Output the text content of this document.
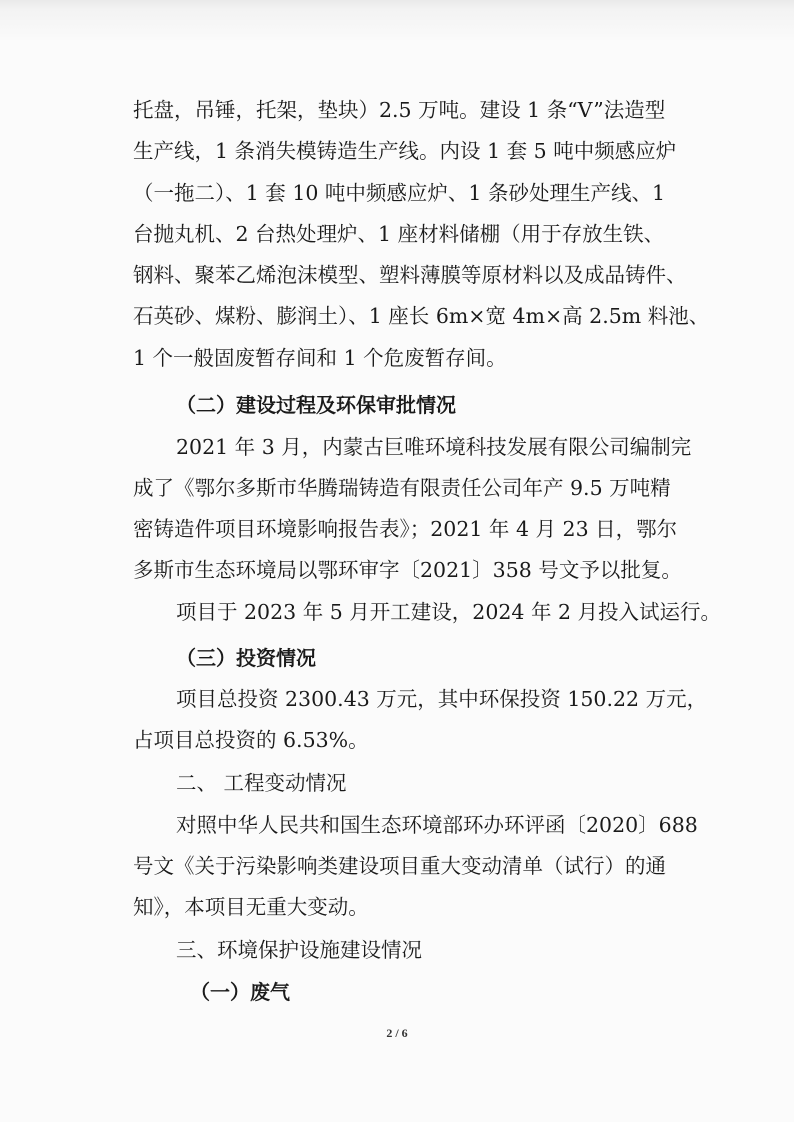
托盘，吊锤，托架，垫块）2.5 万吨。建设 1 条“V”法造型
生产线，1 条消失模铸造生产线。内设 1 套 5 吨中频感应炉
（一拖二）、1 套 10 吨中频感应炉、1 条砂处理生产线、1
台抛丸机、2 台热处理炉、1 座材料储棚（用于存放生铁、
钢料、聚苯乙烯泡沫模型、塑料薄膜等原材料以及成品铸件、
石英砂、煤粉、膨润土）、1 座长 6m×宽 4m×高 2.5m 料池、
1 个一般固废暂存间和 1 个危废暂存间。
（二）建设过程及环保审批情况
2021 年 3 月，内蒙古巨唯环境科技发展有限公司编制完
成了《鄂尔多斯市华腾瑞铸造有限责任公司年产 9.5 万吨精
密铸造件项目环境影响报告表》；2021 年 4 月 23 日，鄂尔
多斯市生态环境局以鄂环审字〔2021〕358 号文予以批复。
项目于 2023 年 5 月开工建设，2024 年 2 月投入试运行。
（三）投资情况
项目总投资 2300.43 万元，其中环保投资 150.22 万元，
占项目总投资的 6.53%。
二、 工程变动情况
对照中华人民共和国生态环境部环办环评函〔2020〕688
号文《关于污染影响类建设项目重大变动清单（试行）的通
知》，本项目无重大变动。
三、环境保护设施建设情况
（一）废气
2 / 6
